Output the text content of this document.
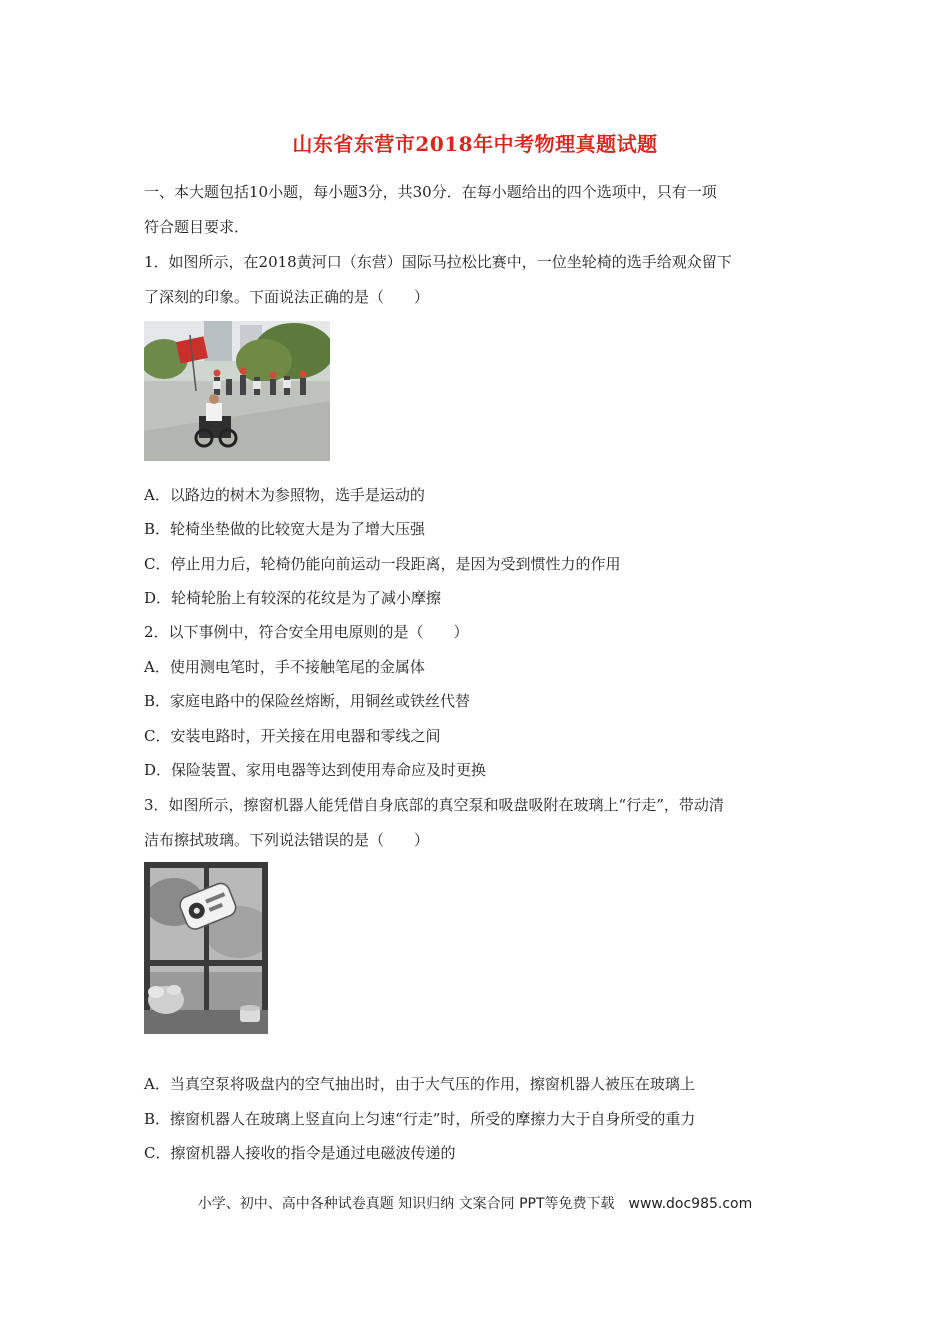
山东省东营市2018年中考物理真题试题
一、本大题包括10小题，每小题3分，共30分．在每小题给出的四个选项中，只有一项
符合题目要求．
1．如图所示，在2018黄河口（东营）国际马拉松比赛中，一位坐轮椅的选手给观众留下
了深刻的印象。下面说法正确的是（　　）
A．以路边的树木为参照物，选手是运动的
B．轮椅坐垫做的比较宽大是为了增大压强
C．停止用力后，轮椅仍能向前运动一段距离，是因为受到惯性力的作用
D．轮椅轮胎上有较深的花纹是为了减小摩擦
2．以下事例中，符合安全用电原则的是（　　）
A．使用测电笔时，手不接触笔尾的金属体
B．家庭电路中的保险丝熔断，用铜丝或铁丝代替
C．安装电路时，开关接在用电器和零线之间
D．保险装置、家用电器等达到使用寿命应及时更换
3．如图所示，擦窗机器人能凭借自身底部的真空泵和吸盘吸附在玻璃上“行走”，带动清
洁布擦拭玻璃。下列说法错误的是（　　）
A．当真空泵将吸盘内的空气抽出时，由于大气压的作用，擦窗机器人被压在玻璃上
B．擦窗机器人在玻璃上竖直向上匀速“行走”时，所受的摩擦力大于自身所受的重力
C．擦窗机器人接收的指令是通过电磁波传递的
小学、初中、高中各种试卷真题 知识归纳 文案合同 PPT等免费下载　www.doc985.com
